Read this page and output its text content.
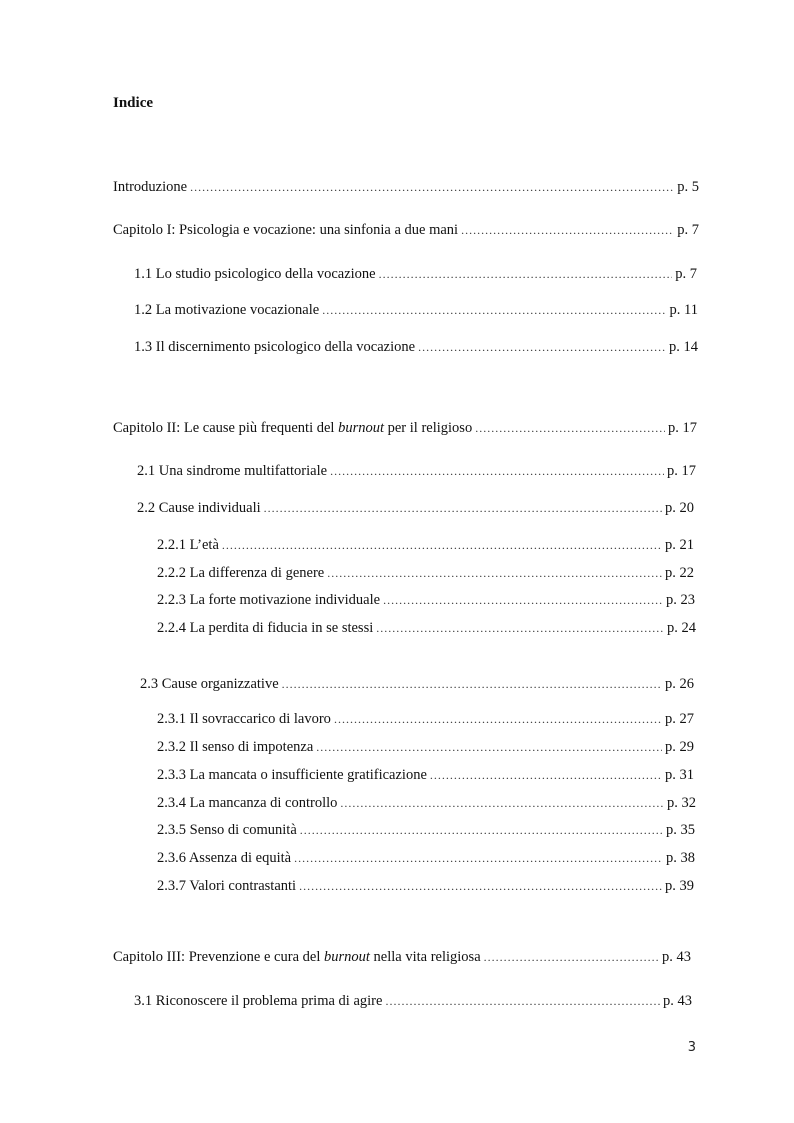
Indice
Introduzione .....	p. 5
Capitolo I: Psicologia e vocazione: una sinfonia a due mani .....	p. 7
1.1 Lo studio psicologico della vocazione .....	p. 7
1.2 La motivazione vocazionale .....	p. 11
1.3 Il discernimento psicologico della vocazione .....	p. 14
Capitolo II: Le cause più frequenti del burnout per il religioso .....	p. 17
2.1 Una sindrome multifattoriale .....	p. 17
2.2 Cause individuali .....	p. 20
2.2.1 L’età .....	p. 21
2.2.2 La differenza di genere .....	p. 22
2.2.3 La forte motivazione individuale .....	p. 23
2.2.4 La perdita di fiducia in se stessi .....	p. 24
2.3 Cause organizzative .....	p. 26
2.3.1 Il sovraccarico di lavoro .....	p. 27
2.3.2 Il senso di impotenza .....	p. 29
2.3.3 La mancata o insufficiente gratificazione .....	p. 31
2.3.4 La mancanza di controllo .....	p. 32
2.3.5 Senso di comunità .....	p. 35
2.3.6 Assenza di equità .....	p. 38
2.3.7 Valori contrastanti .....	p. 39
Capitolo III: Prevenzione e cura del burnout nella vita religiosa .....	p. 43
3.1 Riconoscere il problema prima di agire .....	p. 43
3
